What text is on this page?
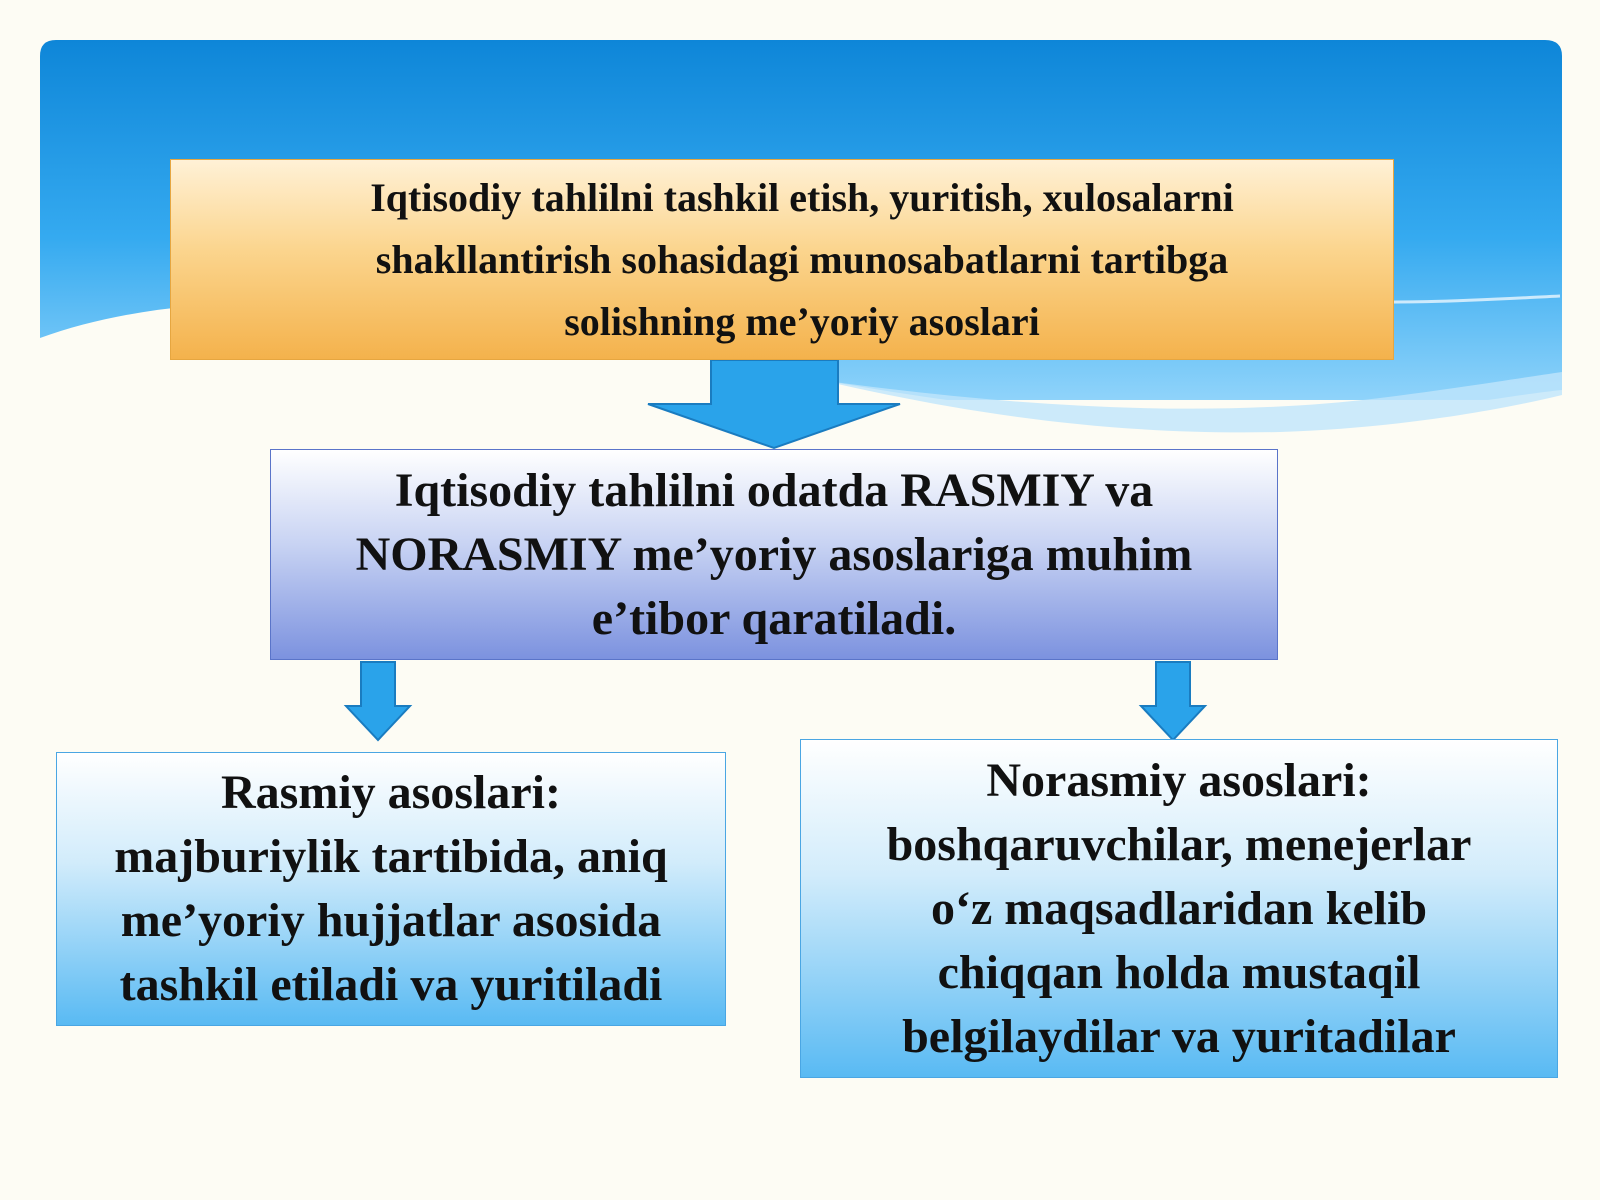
Iqtisodiy tahlilni tashkil etish, yuritish, xulosalarni
shakllantirish sohasidagi munosabatlarni tartibga
solishning me’yoriy asoslari
Iqtisodiy tahlilni odatda RASMIY va
NORASMIY me’yoriy asoslariga muhim
e’tibor qaratiladi.
Rasmiy asoslari:
majburiylik tartibida, aniq
me’yoriy hujjatlar asosida
tashkil etiladi va yuritiladi
Norasmiy asoslari:
boshqaruvchilar, menejerlar
o‘z maqsadlaridan kelib
chiqqan holda mustaqil
belgilaydilar va yuritadilar
